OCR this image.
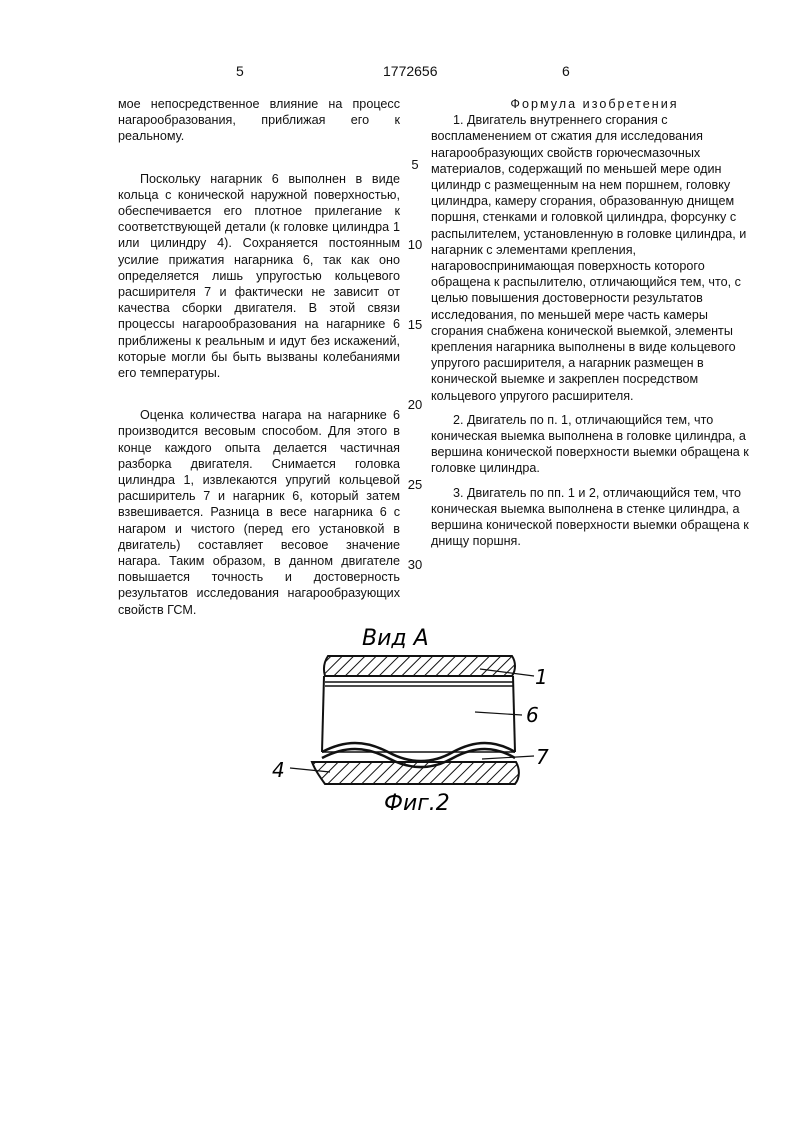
5	1772656	6

мое непосредственное влияние на процесс нагарообразования, приближая его к реальному.

Поскольку нагарник 6 выполнен в виде кольца с конической наружной поверхностью, обеспечивается его плотное прилегание к соответствующей детали (к головке цилиндра 1 или цилиндру 4). Сохраняется постоянным усилие прижатия нагарника 6, так как оно определяется лишь упругостью кольцевого расширителя 7 и фактически не зависит от качества сборки двигателя. В этой связи процессы нагарообразования на нагарнике 6 приближены к реальным и идут без искажений, которые могли бы быть вызваны колебаниями его температуры.

Оценка количества нагара на нагарнике 6 производится весовым способом. Для этого в конце каждого опыта делается частичная разборка двигателя. Снимается головка цилиндра 1, извлекаются упругий кольцевой расширитель 7 и нагарник 6, который затем взвешивается. Разница в весе нагарника 6 с нагаром и чистого (перед его установкой в двигатель) составляет весовое значение нагара. Таким образом, в данном двигателе повышается точность и достоверность результатов исследования нагарообразующих свойств ГСМ.

5
10
15
20
25
30

Формула изобретения

1. Двигатель внутреннего сгорания с воспламенением от сжатия для исследования нагарообразующих свойств горючесмазочных материалов, содержащий по меньшей мере один цилиндр с размещенным на нем поршнем, головку цилиндра, камеру сгорания, образованную днищем поршня, стенками и головкой цилиндра, форсунку с распылителем, установленную в головке цилиндра, и нагарник с элементами крепления, нагаровоспринимающая поверхность которого обращена к распылителю, отличающийся тем, что, с целью повышения достоверности результатов исследования, по меньшей мере часть камеры сгорания снабжена конической выемкой, элементы крепления нагарника выполнены в виде кольцевого упругого расширителя, а нагарник размещен в конической выемке и закреплен посредством кольцевого упругого расширителя.

2. Двигатель по п. 1, отличающийся тем, что коническая выемка выполнена в головке цилиндра, а вершина конической поверхности выемки обращена к головке цилиндра.

3. Двигатель по пп. 1 и 2, отличающийся тем, что коническая выемка выполнена в стенке цилиндра, а вершина конической поверхности выемки обращена к днищу поршня.

Вид А
1
6
7
4
Фиг.2
